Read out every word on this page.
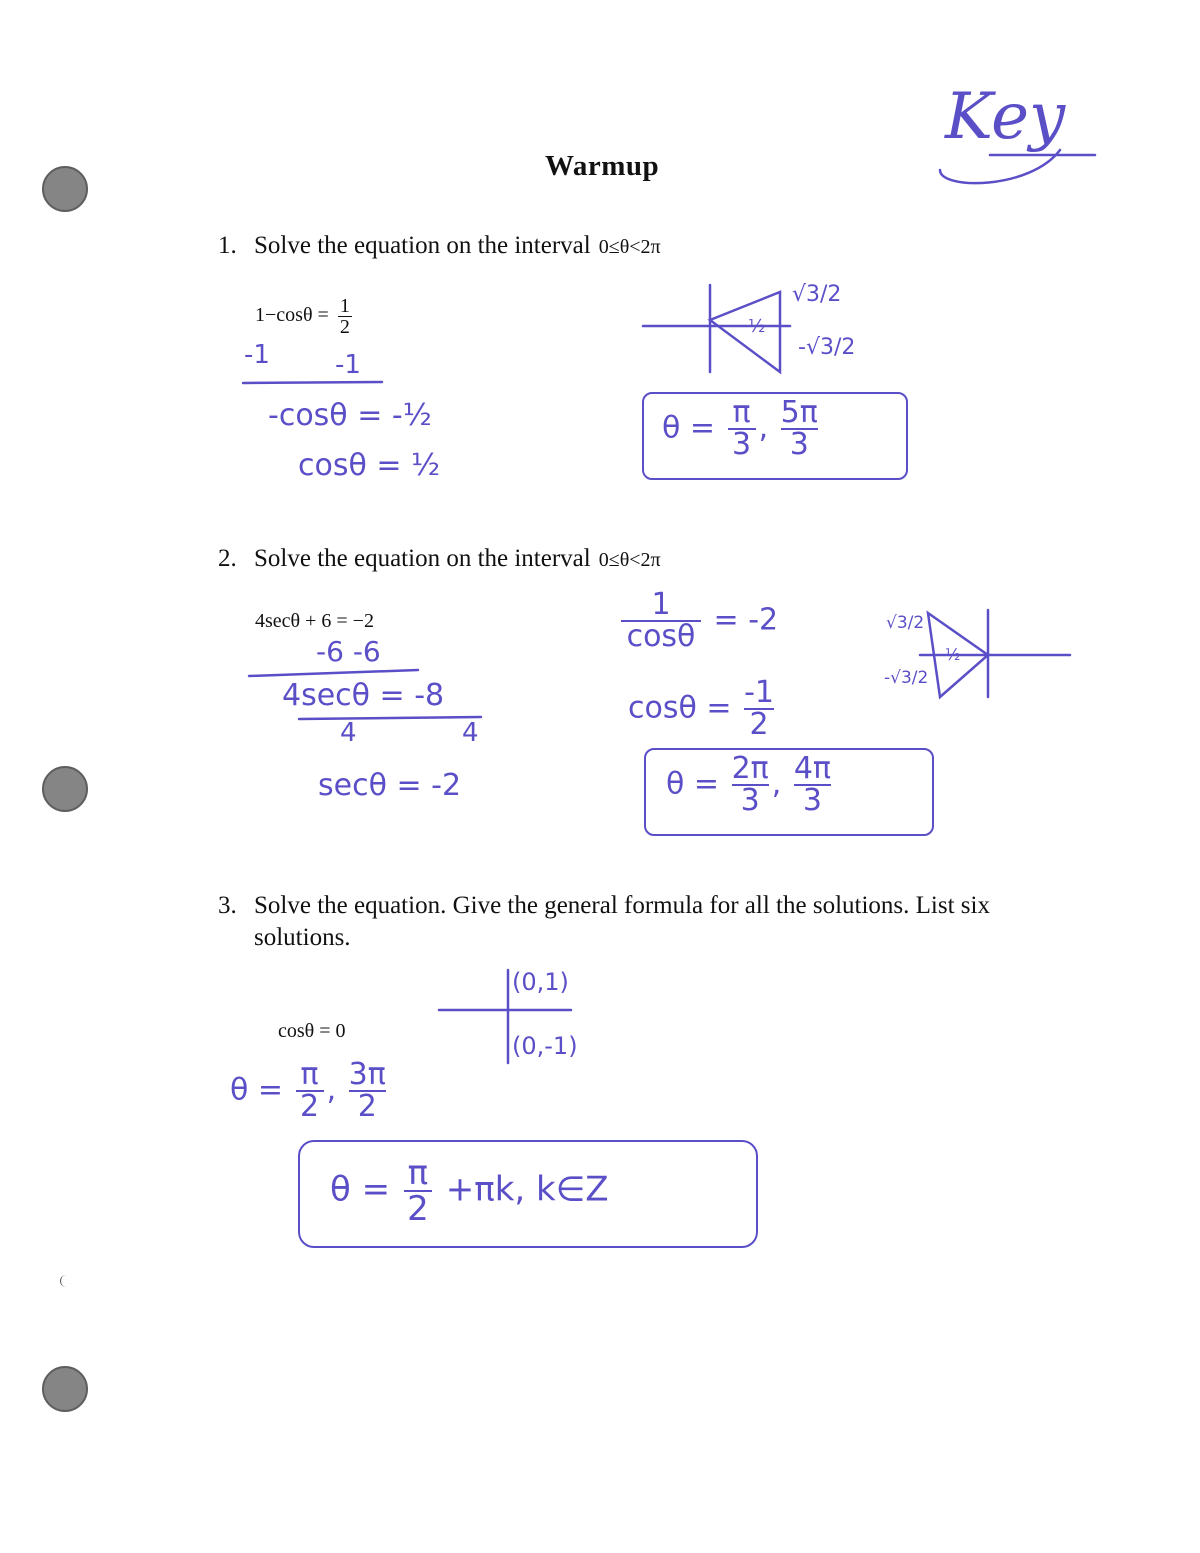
Warmup
Key
1. Solve the equation on the interval 0≤θ<2π
$1-\cos\theta = \frac{1}{2}$
-1	-1
-cosθ = -½
cosθ = ½
√3/2
½
-√3/2
$\theta = \frac{\pi}{3}$ , $\frac{5\pi}{3}$
2. Solve the equation on the interval 0≤θ<2π
4secθ + 6 = −2
-6 -6
4secθ = -8
4	4
secθ = -2
$\frac{1}{\cos\theta} = -2$
$\cos\theta = \frac{-1}{2}$
√3/2
½
-√3/2
$\theta = \frac{2\pi}{3}$ , $\frac{4\pi}{3}$
3. Solve the equation. Give the general formula for all the solutions. List six
solutions.
cosθ = 0
(0,1)
(0,-1)
$\theta = \frac{\pi}{2}$ , $\frac{3\pi}{2}$
$\theta = \frac{\pi}{2} +\pi k$, k∈Z
